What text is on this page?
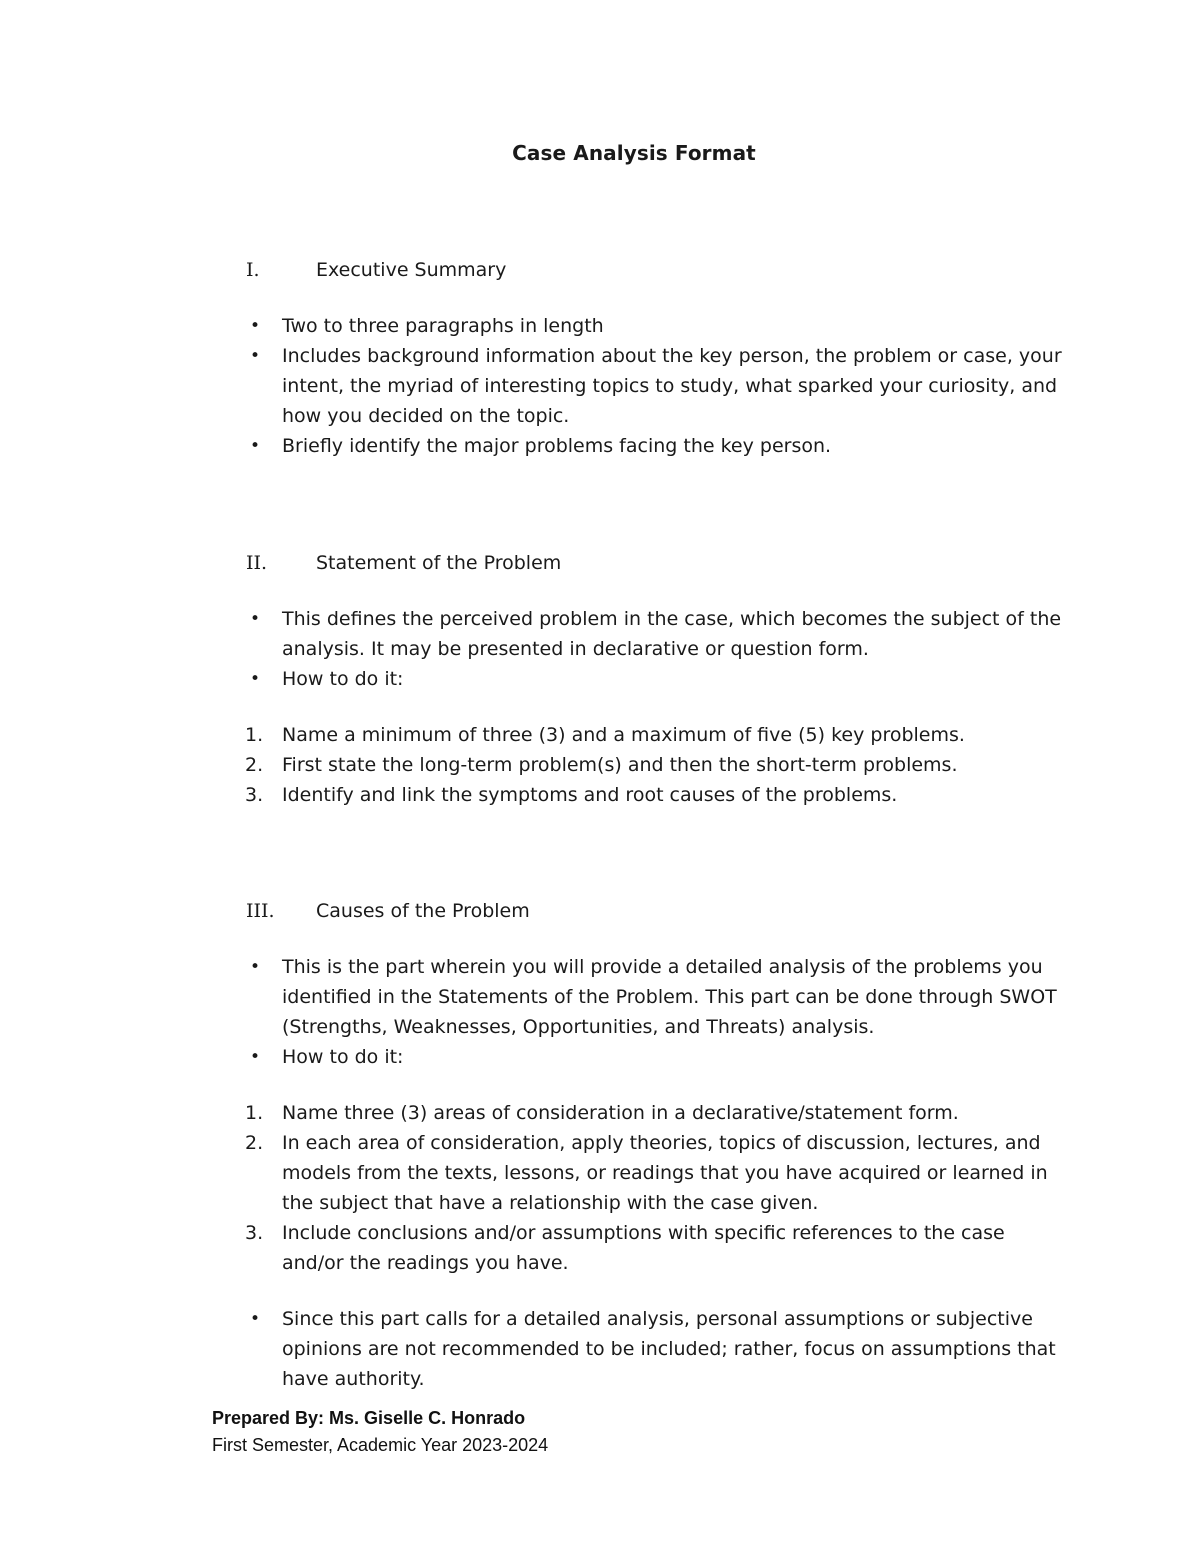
Case Analysis Format
I.	Executive Summary
• Two to three paragraphs in length
• Includes background information about the key person, the problem or case, your intent, the myriad of interesting topics to study, what sparked your curiosity, and how you decided on the topic.
• Briefly identify the major problems facing the key person.
II.	Statement of the Problem
• This defines the perceived problem in the case, which becomes the subject of the analysis. It may be presented in declarative or question form.
• How to do it:
1. Name a minimum of three (3) and a maximum of five (5) key problems.
2. First state the long-term problem(s) and then the short-term problems.
3. Identify and link the symptoms and root causes of the problems.
III. Causes of the Problem
• This is the part wherein you will provide a detailed analysis of the problems you identified in the Statements of the Problem. This part can be done through SWOT (Strengths, Weaknesses, Opportunities, and Threats) analysis.
• How to do it:
1. Name three (3) areas of consideration in a declarative/statement form.
2. In each area of consideration, apply theories, topics of discussion, lectures, and models from the texts, lessons, or readings that you have acquired or learned in the subject that have a relationship with the case given.
3. Include conclusions and/or assumptions with specific references to the case and/or the readings you have.
• Since this part calls for a detailed analysis, personal assumptions or subjective opinions are not recommended to be included; rather, focus on assumptions that have authority.
Prepared By: Ms. Giselle C. Honrado
First Semester, Academic Year 2023-2024
